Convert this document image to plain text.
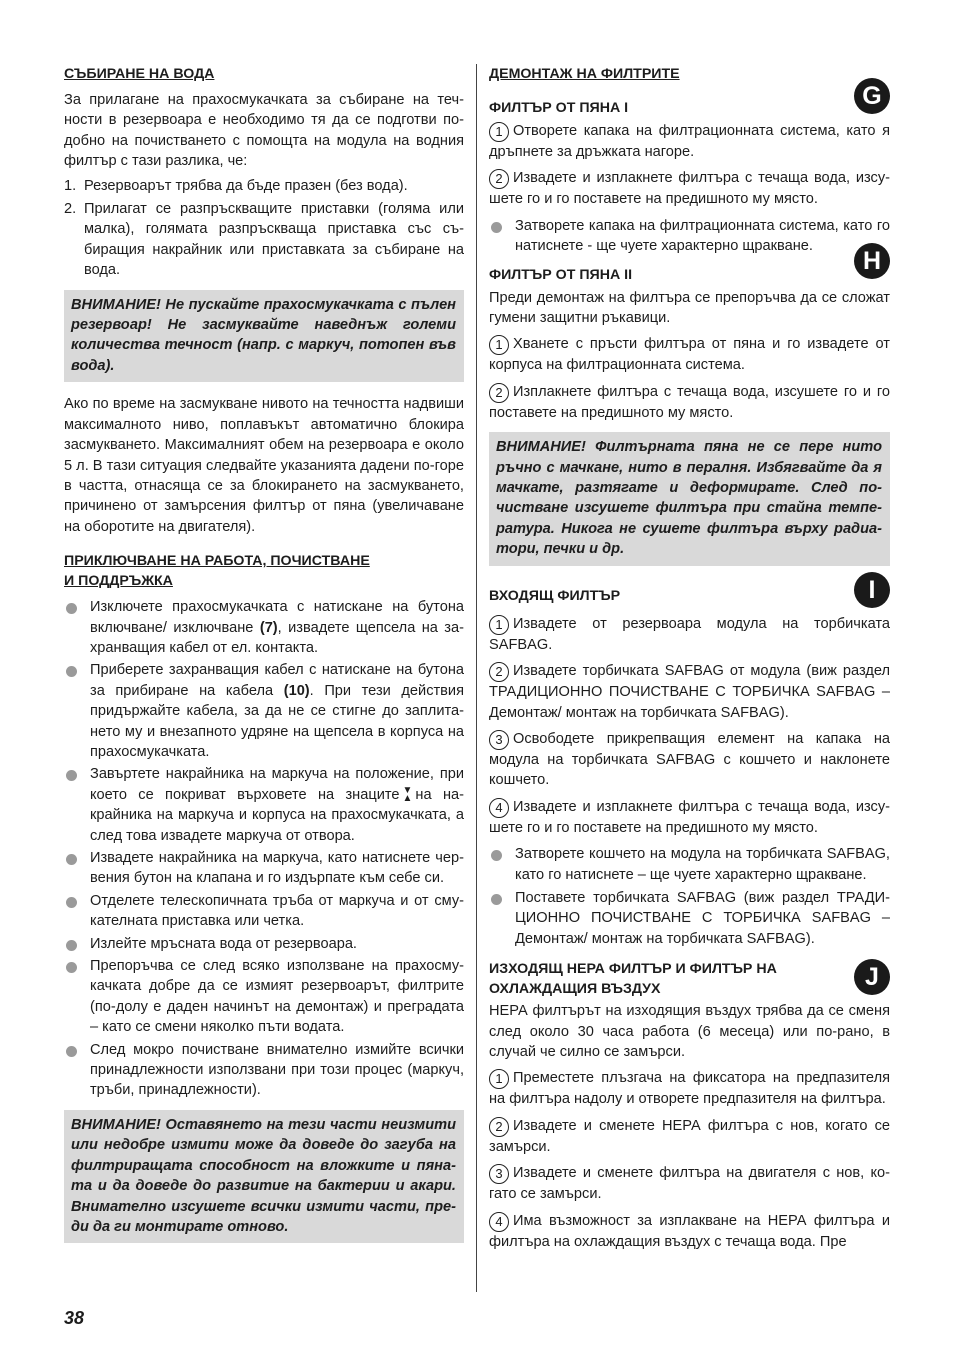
СЪБИРАНЕ НА ВОДА

За прилагане на прахосмукачката за събиране на течности в резервоара е необходимо тя да се подготви подобно на почистването с помощта на модула на водния филтър с тази разлика, че:

1. Резервоарът трябва да бъде празен (без вода).
2. Прилагат се разпръскващите приставки (голяма или малка), голямата разпръскваща приставка със събиращия накрайник или приставката за събиране на вода.
ВНИМАНИЕ! Не пускайте прахосмукачката с пълен резервоар! Не засмуквайте наведнъж големи количества течност (напр. с маркуч, потопен във вода).

Ако по време на засмукване нивото на течността надвиши максималното ниво, поплавъкът автоматично блокира засмукването. Максималният обем на резервоара е около 5 л. В тази ситуация следвайте указанията дадени по-горе в частта, отнасяща се за блокирането на засмукването, причинено от замърсения филтър от пяна (увеличаване на оборотите на двигателя).

ПРИКЛЮЧВАНЕ НА РАБОТА, ПОЧИСТВАНЕ
И ПОДДРЪЖКА
Изключете прахосмукачката с натискане на бутона включване/ изключване (7), извадете щепсела на захранващия кабел от ел. контакта.
Приберете захранващия кабел с натискане на бутона за прибиране на кабела (10). При тези действия придържайте кабела, за да не се стигне до заплитането му и внезапното удряне на щепсела в корпуса на прахосмукачката.
Завъртете накрайника на маркуча на положение, при което се покриват върховете на знаците ▼
▲ на накрайника на маркуча и корпуса на прахосмукачката, а след това извадете маркуча от отвора.
Извадете накрайника на маркуча, като натиснете червения бутон на клапана и го издърпате към себе си.
Отделете телескопичната тръба от маркуча и от смукателната приставка или четка.
Излейте мръсната вода от резервоара.
Препоръчва се след всяко използване на прахосмукачката добре да се измият резервоарът, филтрите (по-долу е даден начинът на демонтаж) и преградата – като се смени няколко пъти водата.
След мокро почистване внимателно измийте всички принадлежности използвани при този процес (маркуч, тръби, принадлежности).
ВНИМАНИЕ! Оставянето на тези части неизмити или недобре измити може да доведе до загуба на филтриращата способност на вложките и пяната и да доведе до развитие на бактерии и акари. Внимателно изсушете всички измити части, преди да ги монтирате отново.
ДЕМОНТАЖ НА ФИЛТРИТЕ
ФИЛТЪР ОТ ПЯНА I	G

1 Отворете капака на филтрационната система, като я дръпнете за дръжката нагоре.

2 Извадете и изплакнете филтъра с течаща вода, изсушете го и го поставете на предишното му място.

Затворете капака на филтрационната система, като го натиснете - ще чуете характерно щракване.
ФИЛТЪР ОТ ПЯНА II	H

Преди демонтаж на филтъра се препоръчва да се сложат гумени защитни ръкавици.

1 Хванете с пръсти филтъра от пяна и го извадете от корпуса на филтрационната система.

2 Изплакнете филтъра с течаща вода, изсушете го и го поставете на предишното му място.

ВНИМАНИЕ! Филтърната пяна не се пере нито ръчно с мачкане, нито в пералня. Избягвайте да я мачкате, разтягате и деформирате. След почистване изсушете филтъра при стайна температура. Никога не сушете филтъра върху радиатори, печки и др.
ВХОДЯЩ ФИЛТЪР	I

1 Извадете от резервоара модула на торбичката SAFBAG.

2 Извадете торбичката SAFBAG от модула (виж раздел ТРАДИЦИОННО ПОЧИСТВАНЕ С ТОРБИЧКА SAFBAG – Демонтаж/ монтаж на торбичката SAFBAG).

3 Освободете прикрепващия елемент на капака на модула на торбичката SAFBAG с кошчето и наклонете кошчето.

4 Извадете и изплакнете филтъра с течаща вода, изсушете го и го поставете на предишното му място.

Затворете кошчето на модула на торбичката SAFBAG, като го натиснете – ще чуете характерно щракване.
Поставете торбичката SAFBAG (виж раздел ТРАДИЦИОННО ПОЧИСТВАНЕ С ТОРБИЧКА SAFBAG – Демонтаж/ монтаж на торбичката SAFBAG).
ИЗХОДЯЩ НЕРА ФИЛТЪР И ФИЛТЪР НА
ОХЛАЖДАЩИЯ ВЪЗДУХ	J

НЕРА филтърът на изходящия въздух трябва да се сменя след около 30 часа работа (6 месеца) или по-рано, в случай че силно се замърси.

1 Преместете плъзгача на фиксатора на предпазителя на филтъра надолу и отворете предпазителя на филтъра.

2 Извадете и сменете НЕРА филтъра с нов, когато се замърси.

3 Извадете и сменете филтъра на двигателя с нов, когато се замърси.

4 Има възможност за изплакване на НЕРА филтъра и филтъра на охлаждащия въздух с течаща вода. Пре

38
